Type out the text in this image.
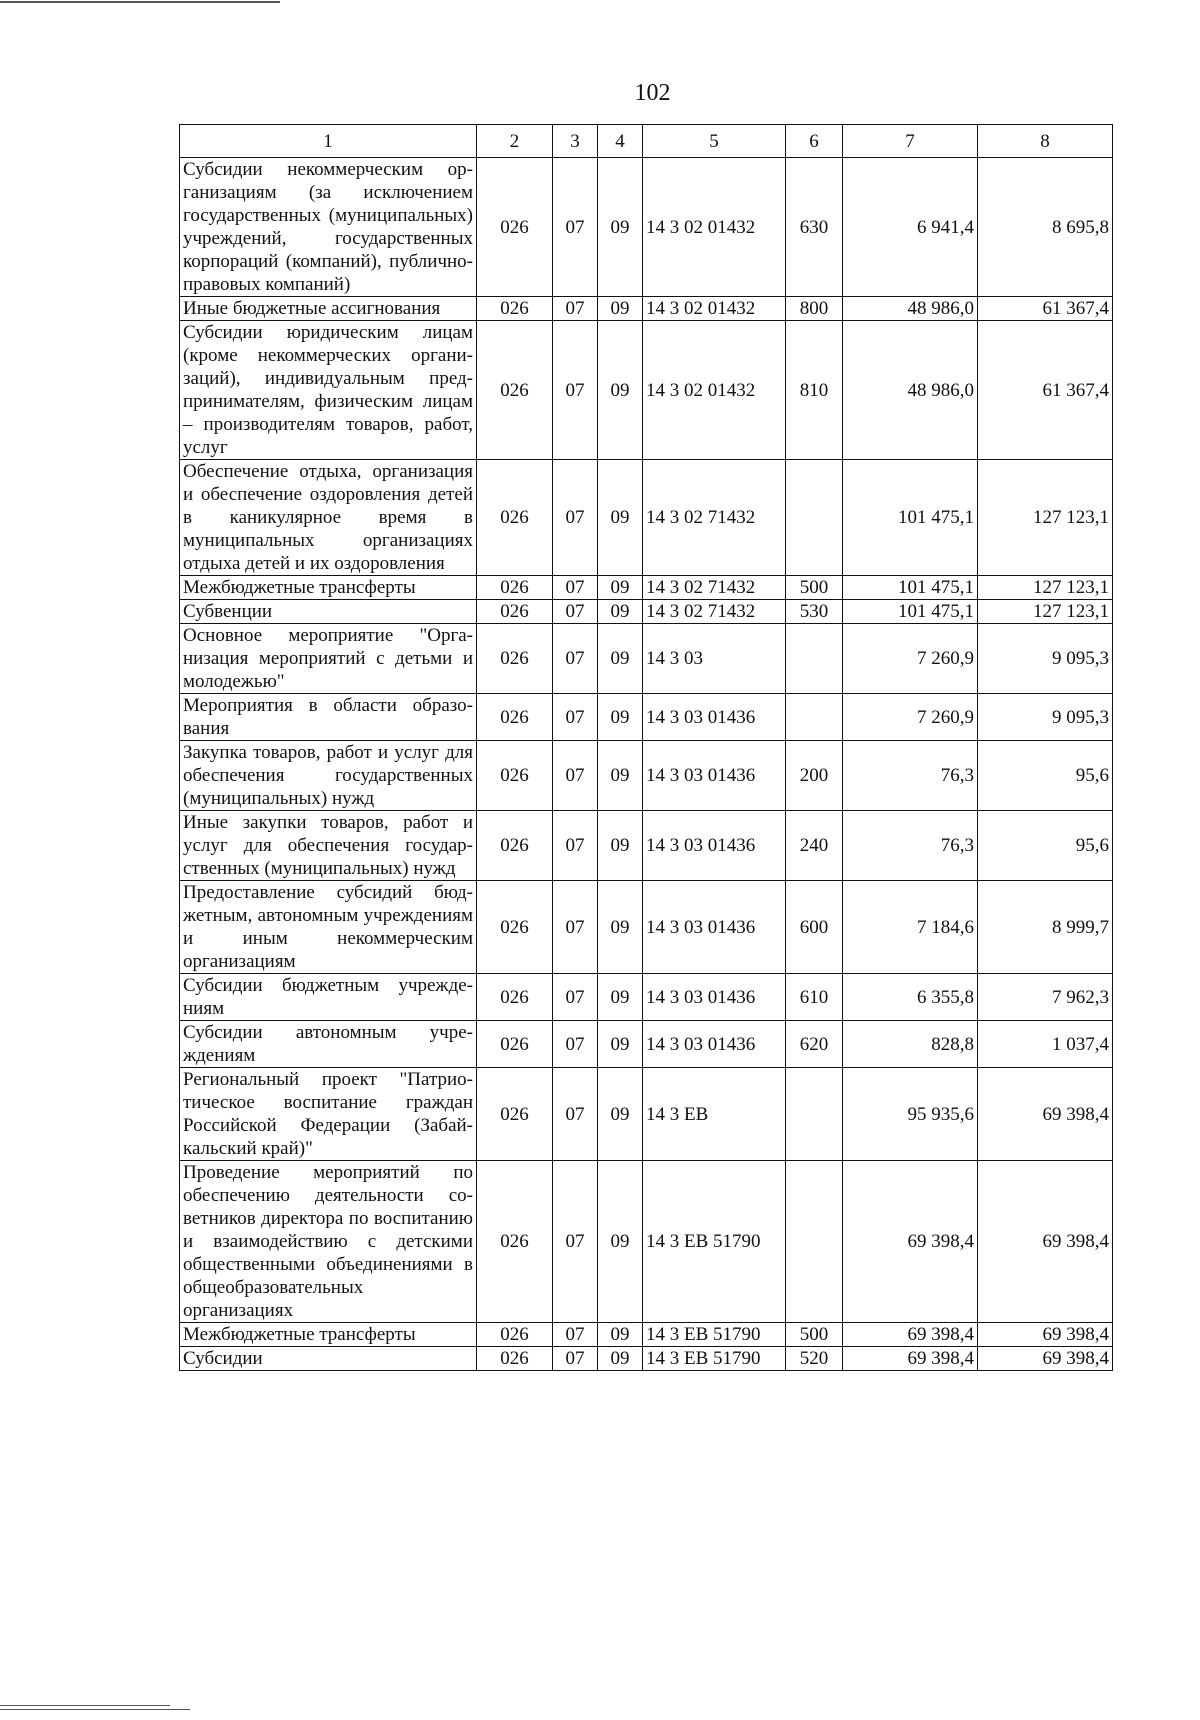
102
1	2	3	4	5	6	7	8
Субсидии некоммерческим организациям (за исключением государственных (муниципальных) учреждений, государственных корпораций (компаний), публично-правовых компаний)	026	07	09	14 3 02 01432	630	6 941,4	8 695,8
Иные бюджетные ассигнования	026	07	09	14 3 02 01432	800	48 986,0	61 367,4
Субсидии юридическим лицам (кроме некоммерческих организаций), индивидуальным предпринимателям, физическим лицам – производителям товаров, работ, услуг	026	07	09	14 3 02 01432	810	48 986,0	61 367,4
Обеспечение отдыха, организация и обеспечение оздоровления детей в каникулярное время в муниципальных организациях отдыха детей и их оздоровления	026	07	09	14 3 02 71432		101 475,1	127 123,1
Межбюджетные трансферты	026	07	09	14 3 02 71432	500	101 475,1	127 123,1
Субвенции	026	07	09	14 3 02 71432	530	101 475,1	127 123,1
Основное мероприятие "Организация мероприятий с детьми и молодежью"	026	07	09	14 3 03		7 260,9	9 095,3
Мероприятия в области образования	026	07	09	14 3 03 01436		7 260,9	9 095,3
Закупка товаров, работ и услуг для обеспечения государственных (муниципальных) нужд	026	07	09	14 3 03 01436	200	76,3	95,6
Иные закупки товаров, работ и услуг для обеспечения государственных (муниципальных) нужд	026	07	09	14 3 03 01436	240	76,3	95,6
Предоставление субсидий бюджетным, автономным учреждениям и иным некоммерческим организациям	026	07	09	14 3 03 01436	600	7 184,6	8 999,7
Субсидии бюджетным учреждениям	026	07	09	14 3 03 01436	610	6 355,8	7 962,3
Субсидии автономным учреждениям	026	07	09	14 3 03 01436	620	828,8	1 037,4
Региональный проект "Патриотическое воспитание граждан Российской Федерации (Забайкальский край)"	026	07	09	14 3 ЕВ		95 935,6	69 398,4
Проведение мероприятий по обеспечению деятельности советников директора по воспитанию и взаимодействию с детскими общественными объединениями в общеобразовательных организациях	026	07	09	14 3 ЕВ 51790		69 398,4	69 398,4
Межбюджетные трансферты	026	07	09	14 3 ЕВ 51790	500	69 398,4	69 398,4
Субсидии	026	07	09	14 3 ЕВ 51790	520	69 398,4	69 398,4
